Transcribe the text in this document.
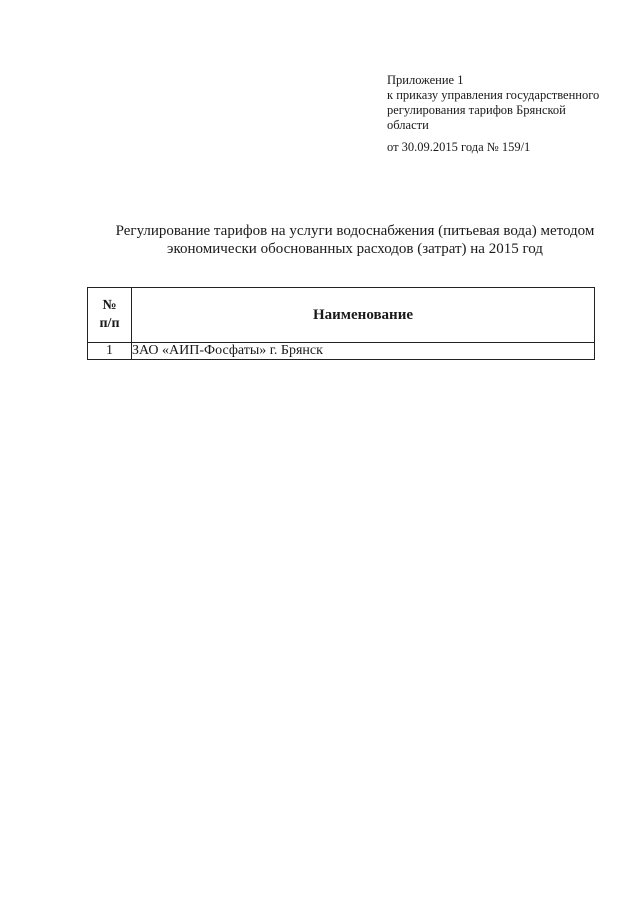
Приложение 1
к приказу управления государственного
регулирования тарифов Брянской
области
от 30.09.2015 года № 159/1
Регулирование тарифов на услуги водоснабжения (питьевая вода) методом
экономически обоснованных расходов (затрат) на 2015 год
№
п/п	Наименование
1	ЗАО «АИП-Фосфаты» г. Брянск
